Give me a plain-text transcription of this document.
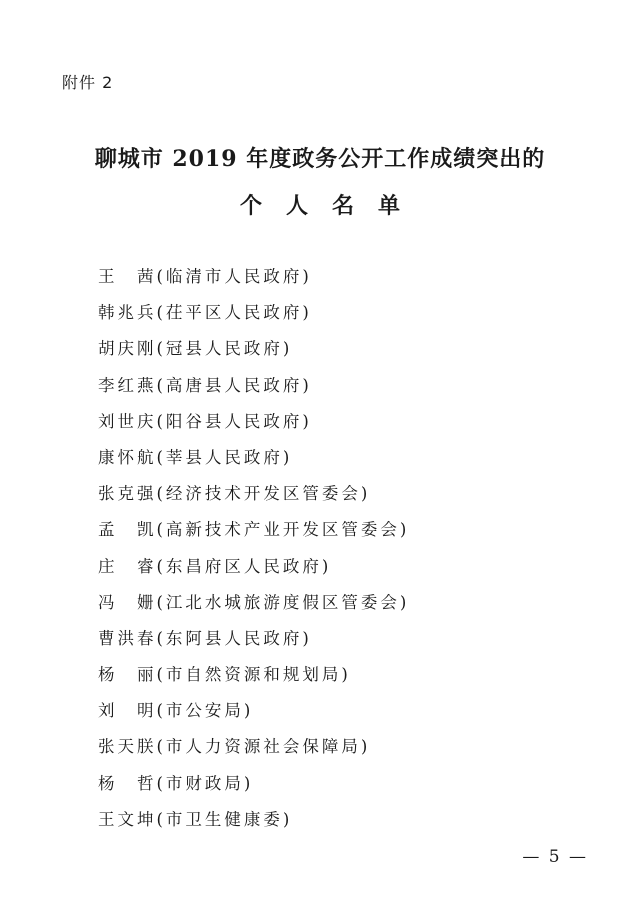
附件 2
聊城市 2019 年度政务公开工作成绩突出的
个人名单
王　茜(临清市人民政府)
韩兆兵(茌平区人民政府)
胡庆刚(冠县人民政府)
李红燕(高唐县人民政府)
刘世庆(阳谷县人民政府)
康怀航(莘县人民政府)
张克强(经济技术开发区管委会)
孟　凯(高新技术产业开发区管委会)
庄　睿(东昌府区人民政府)
冯　姗(江北水城旅游度假区管委会)
曹洪春(东阿县人民政府)
杨　丽(市自然资源和规划局)
刘　明(市公安局)
张天朕(市人力资源社会保障局)
杨　哲(市财政局)
王文坤(市卫生健康委)
— 5 —
